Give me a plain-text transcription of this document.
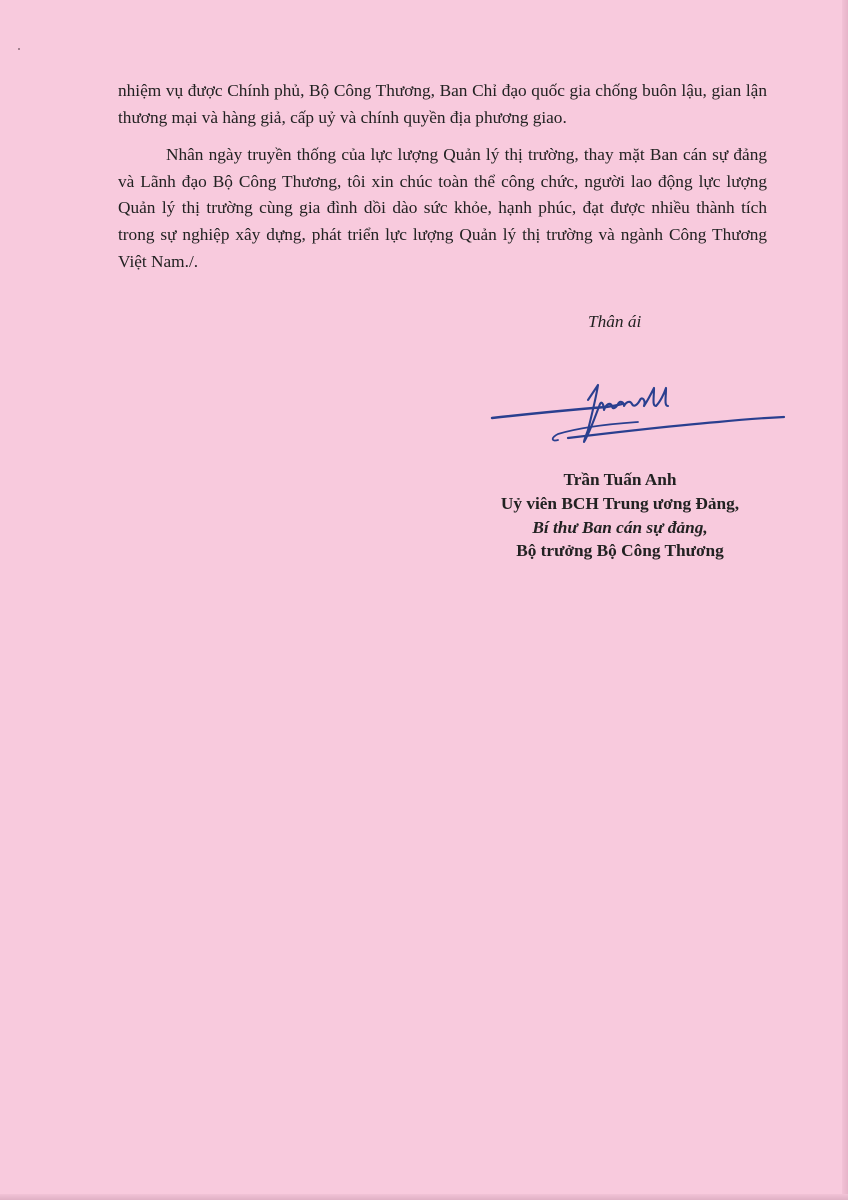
nhiệm vụ được Chính phủ, Bộ Công Thương, Ban Chỉ đạo quốc gia chống buôn lậu, gian lận thương mại và hàng giả, cấp uỷ và chính quyền địa phương giao.

Nhân ngày truyền thống của lực lượng Quản lý thị trường, thay mặt Ban cán sự đảng và Lãnh đạo Bộ Công Thương, tôi xin chúc toàn thể công chức, người lao động lực lượng Quản lý thị trường cùng gia đình dồi dào sức khỏe, hạnh phúc, đạt được nhiều thành tích trong sự nghiệp xây dựng, phát triển lực lượng Quản lý thị trường và ngành Công Thương Việt Nam./.

Thân ái
Trần Tuấn Anh
Uỷ viên BCH Trung ương Đảng,
Bí thư Ban cán sự đảng,
Bộ trưởng Bộ Công Thương
